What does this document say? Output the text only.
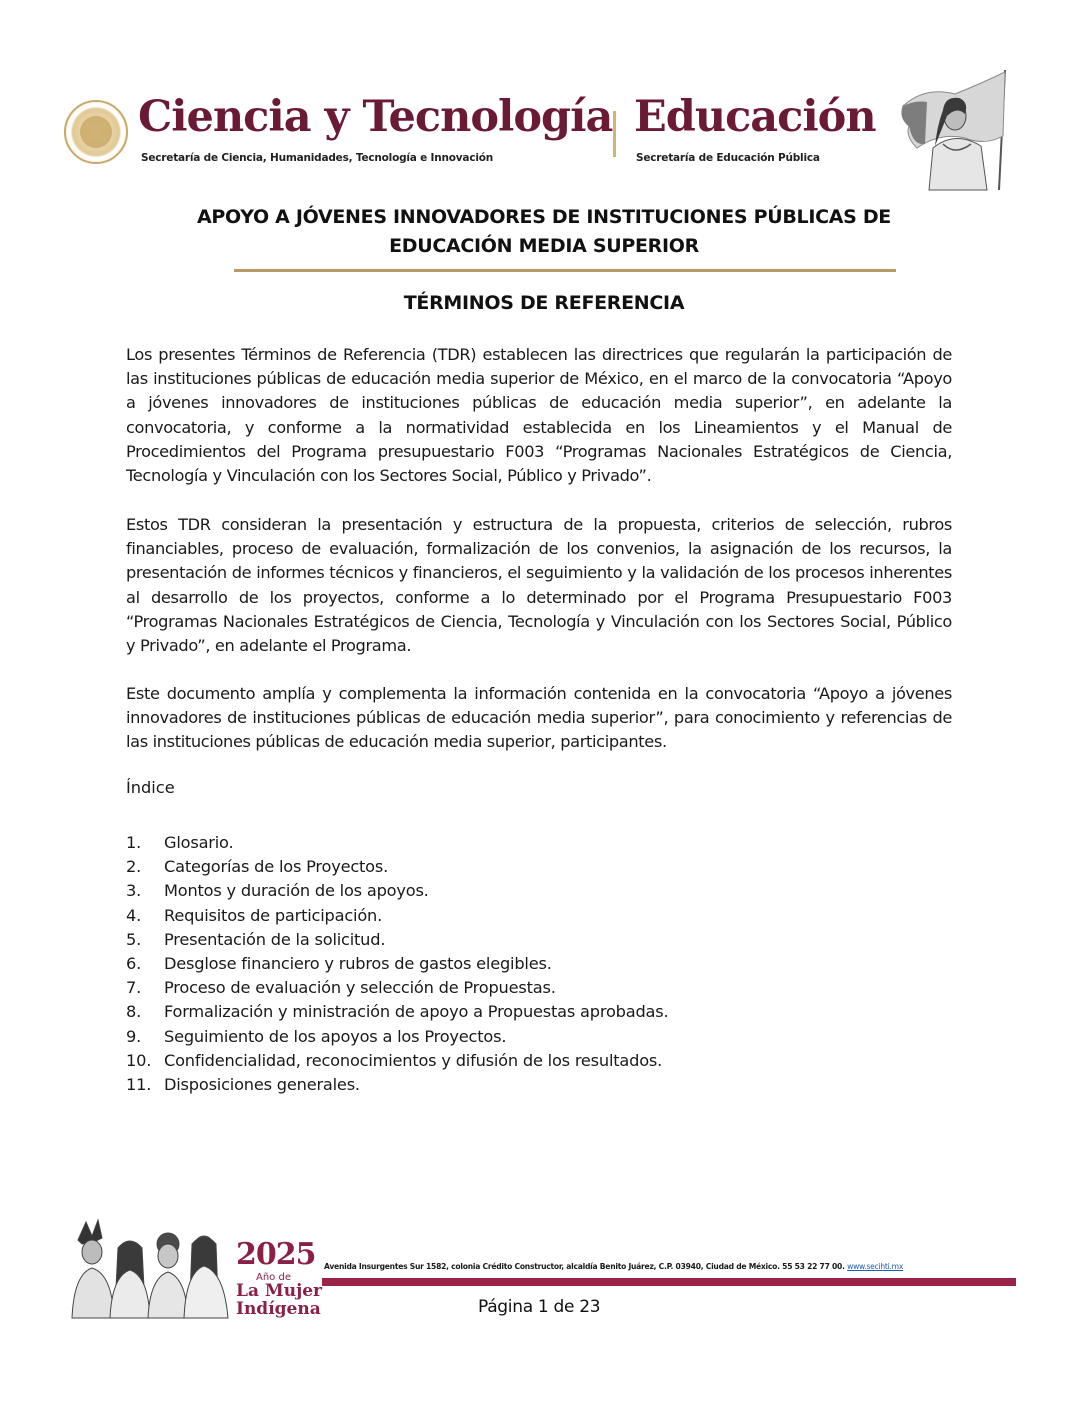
Ciencia y Tecnología
Secretaría de Ciencia, Humanidades, Tecnología e Innovación
Educación
Secretaría de Educación Pública
APOYO A JÓVENES INNOVADORES DE INSTITUCIONES PÚBLICAS DE
EDUCACIÓN MEDIA SUPERIOR
TÉRMINOS DE REFERENCIA

Los presentes Términos de Referencia (TDR) establecen las directrices que regularán la participación de las instituciones públicas de educación media superior de México, en el marco de la convocatoria “Apoyo a jóvenes innovadores de instituciones públicas de educación media superior”, en adelante la convocatoria, y conforme a la normatividad establecida en los Lineamientos y el Manual de Procedimientos del Programa presupuestario F003 “Programas Nacionales Estratégicos de Ciencia, Tecnología y Vinculación con los Sectores Social, Público y Privado”.

Estos TDR consideran la presentación y estructura de la propuesta, criterios de selección, rubros financiables, proceso de evaluación, formalización de los convenios, la asignación de los recursos, la presentación de informes técnicos y financieros, el seguimiento y la validación de los procesos inherentes al desarrollo de los proyectos, conforme a lo determinado por el Programa Presupuestario F003 “Programas Nacionales Estratégicos de Ciencia, Tecnología y Vinculación con los Sectores Social, Público y Privado”, en adelante el Programa.

Este documento amplía y complementa la información contenida en la convocatoria “Apoyo a jóvenes innovadores de instituciones públicas de educación media superior”, para conocimiento y referencias de las instituciones públicas de educación media superior, participantes.

Índice
1.	Glosario.
2.	Categorías de los Proyectos.
3.	Montos y duración de los apoyos.
4.	Requisitos de participación.
5.	Presentación de la solicitud.
6.	Desglose financiero y rubros de gastos elegibles.
7.	Proceso de evaluación y selección de Propuestas.
8.	Formalización y ministración de apoyo a Propuestas aprobadas.
9.	Seguimiento de los apoyos a los Proyectos.
10. Confidencialidad, reconocimientos y difusión de los resultados.
11. Disposiciones generales.
2025
Año de
La Mujer
Indígena
Avenida Insurgentes Sur 1582, colonia Crédito Constructor, alcaldía Benito Juárez, C.P. 03940, Ciudad de México. 55 53 22 77 00. www.secihti.mx
Página 1 de 23
